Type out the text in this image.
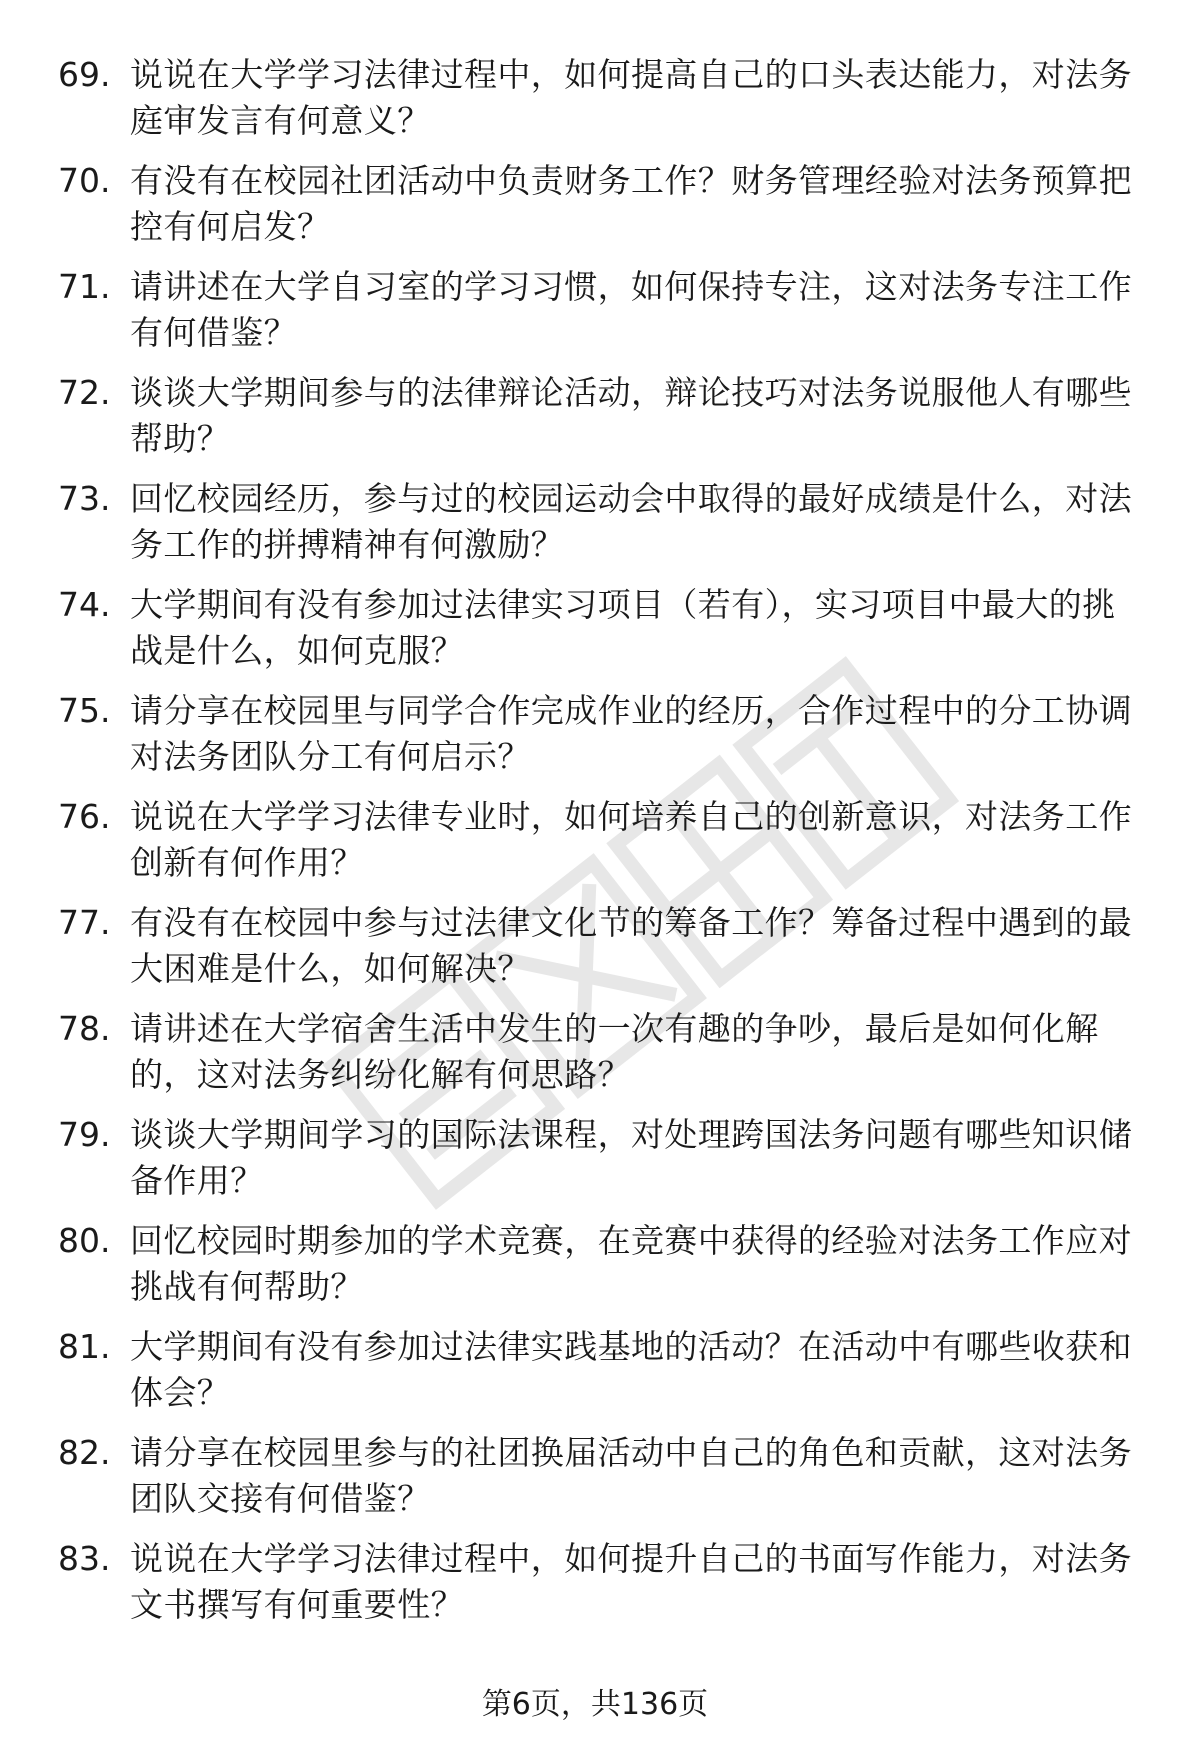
69. 说说在大学学习法律过程中，如何提高自己的口头表达能力，对法务庭审发言有何意义？
70. 有没有在校园社团活动中负责财务工作？财务管理经验对法务预算把控有何启发？
71. 请讲述在大学自习室的学习习惯，如何保持专注，这对法务专注工作有何借鉴？
72. 谈谈大学期间参与的法律辩论活动，辩论技巧对法务说服他人有哪些帮助？
73. 回忆校园经历，参与过的校园运动会中取得的最好成绩是什么，对法务工作的拼搏精神有何激励？
74. 大学期间有没有参加过法律实习项目（若有），实习项目中最大的挑战是什么，如何克服？
75. 请分享在校园里与同学合作完成作业的经历，合作过程中的分工协调对法务团队分工有何启示？
76. 说说在大学学习法律专业时，如何培养自己的创新意识，对法务工作创新有何作用？
77. 有没有在校园中参与过法律文化节的筹备工作？筹备过程中遇到的最大困难是什么，如何解决？
78. 请讲述在大学宿舍生活中发生的一次有趣的争吵，最后是如何化解的，这对法务纠纷化解有何思路？
79. 谈谈大学期间学习的国际法课程，对处理跨国法务问题有哪些知识储备作用？
80. 回忆校园时期参加的学术竞赛，在竞赛中获得的经验对法务工作应对挑战有何帮助？
81. 大学期间有没有参加过法律实践基地的活动？在活动中有哪些收获和体会？
82. 请分享在校园里参与的社团换届活动中自己的角色和贡献，这对法务团队交接有何借鉴？
83. 说说在大学学习法律过程中，如何提升自己的书面写作能力，对法务文书撰写有何重要性？
第6页，共136页
